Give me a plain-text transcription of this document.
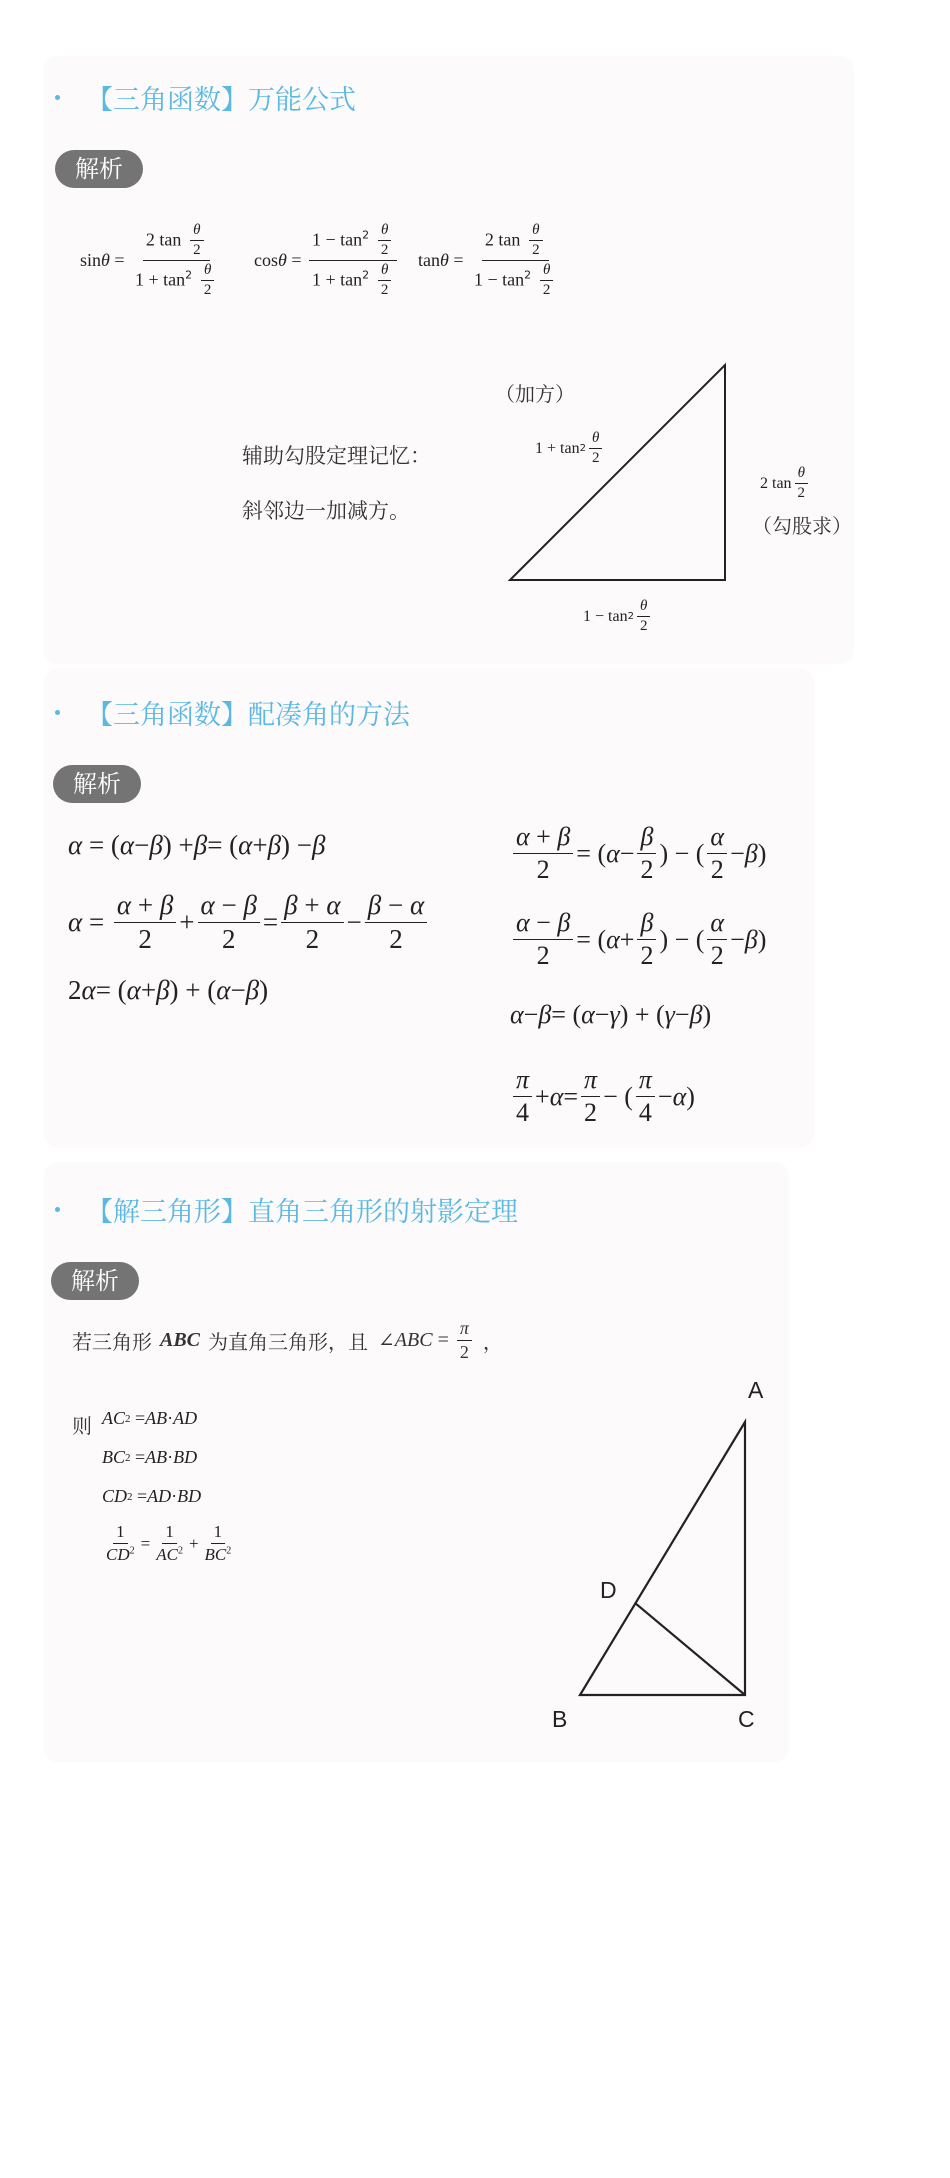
【三角函数】万能公式
解析
$\sin \theta = \frac{2 \tan \frac{\theta}{2}}{1 + \tan^2 \frac{\theta}{2}}$ $\cos \theta = \frac{1 - \tan^2 \frac{\theta}{2}}{1 + \tan^2 \frac{\theta}{2}}$ $\tan \theta = \frac{2 \tan \frac{\theta}{2}}{1 - \tan^2 \frac{\theta}{2}}$
辅助勾股定理记忆：
斜邻边一加减方。
（加方）
$1 + \tan 2 \frac{\theta}{2}$
2 $\tan \frac{\theta}{2}$
（勾股求）
$1 - \tan 2 \frac{\theta}{2}$
【三角函数】配凑角的方法
解析
α = ( α − β ) + β = ( α + β ) − β
$\alpha = \frac{\alpha + \beta}{2} + \frac{\alpha - \beta}{2} = \frac{\beta + \alpha}{2} - \frac{\beta - \alpha}{2}$
2 α = ( α + β ) + ( α − β )
$\frac{\alpha + \beta}{2}$ = ( $\alpha - \frac{\beta}{2}$ ) − ( $\frac{\alpha}{2} - \beta$ )
$\frac{\alpha - \beta}{2}$ = ( $\alpha + \frac{\beta}{2}$ ) − ( $\frac{\alpha}{2} - \beta$ )
α − β = ( α − γ ) + ( γ − β )
$\frac{\pi}{4} + \alpha = \frac{\pi}{2}$ − ( $\frac{\pi}{4} - \alpha$ )
【解三角形】直角三角形的射影定理
解析
若三角形 ABC 为直角三角形，且 ∠ ABC = $\frac{\pi}{2}$ ，
则 AC 2 = AB · AD
BC 2 = AB · BD
CD 2 = AD · BD
$\frac{1}{CD^2} = \frac{1}{AC^2} + \frac{1}{BC^2}$
A
D
B	C
